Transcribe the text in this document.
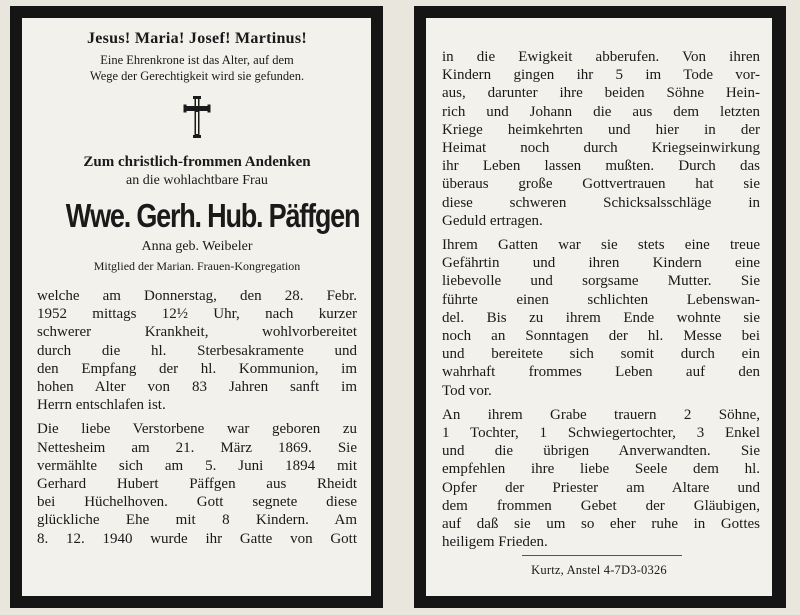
Jesus! Maria! Josef! Martinus!
Eine Ehrenkrone ist das Alter, auf dem
Wege der Gerechtigkeit wird sie gefunden.
Zum christlich-frommen Andenken
an die wohlachtbare Frau
Wwe. Gerh. Hub. Päffgen
Anna geb. Weibeler
Mitglied der Marian. Frauen-Kongregation
welche am Donnerstag, den 28. Febr.
1952 mittags 12½ Uhr, nach kurzer
schwerer Krankheit, wohlvorbereitet
durch die hl. Sterbesakramente und
den Empfang der hl. Kommunion, im
hohen Alter von 83 Jahren sanft im
Herrn entschlafen ist.
Die liebe Verstorbene war geboren zu
Nettesheim am 21. März 1869. Sie
vermählte sich am 5. Juni 1894 mit
Gerhard Hubert Päffgen aus Rheidt
bei Hüchelhoven. Gott segnete diese
glückliche Ehe mit 8 Kindern. Am
8. 12. 1940 wurde ihr Gatte von Gott
in die Ewigkeit abberufen. Von ihren
Kindern gingen ihr 5 im Tode vor-
aus, darunter ihre beiden Söhne Hein-
rich und Johann die aus dem letzten
Kriege heimkehrten und hier in der
Heimat noch durch Kriegseinwirkung
ihr Leben lassen mußten. Durch das
überaus große Gottvertrauen hat sie
diese schweren Schicksalsschläge in
Geduld ertragen.
Ihrem Gatten war sie stets eine treue
Gefährtin und ihren Kindern eine
liebevolle und sorgsame Mutter. Sie
führte einen schlichten Lebenswan-
del. Bis zu ihrem Ende wohnte sie
noch an Sonntagen der hl. Messe bei
und bereitete sich somit durch ein
wahrhaft frommes Leben auf den
Tod vor.
An ihrem Grabe trauern 2 Söhne,
1 Tochter, 1 Schwiegertochter, 3 Enkel
und die übrigen Anverwandten. Sie
empfehlen ihre liebe Seele dem hl.
Opfer der Priester am Altare und
dem frommen Gebet der Gläubigen,
auf daß sie um so eher ruhe in Gottes
heiligem Frieden.
Kurtz, Anstel 4-7D3-0326
